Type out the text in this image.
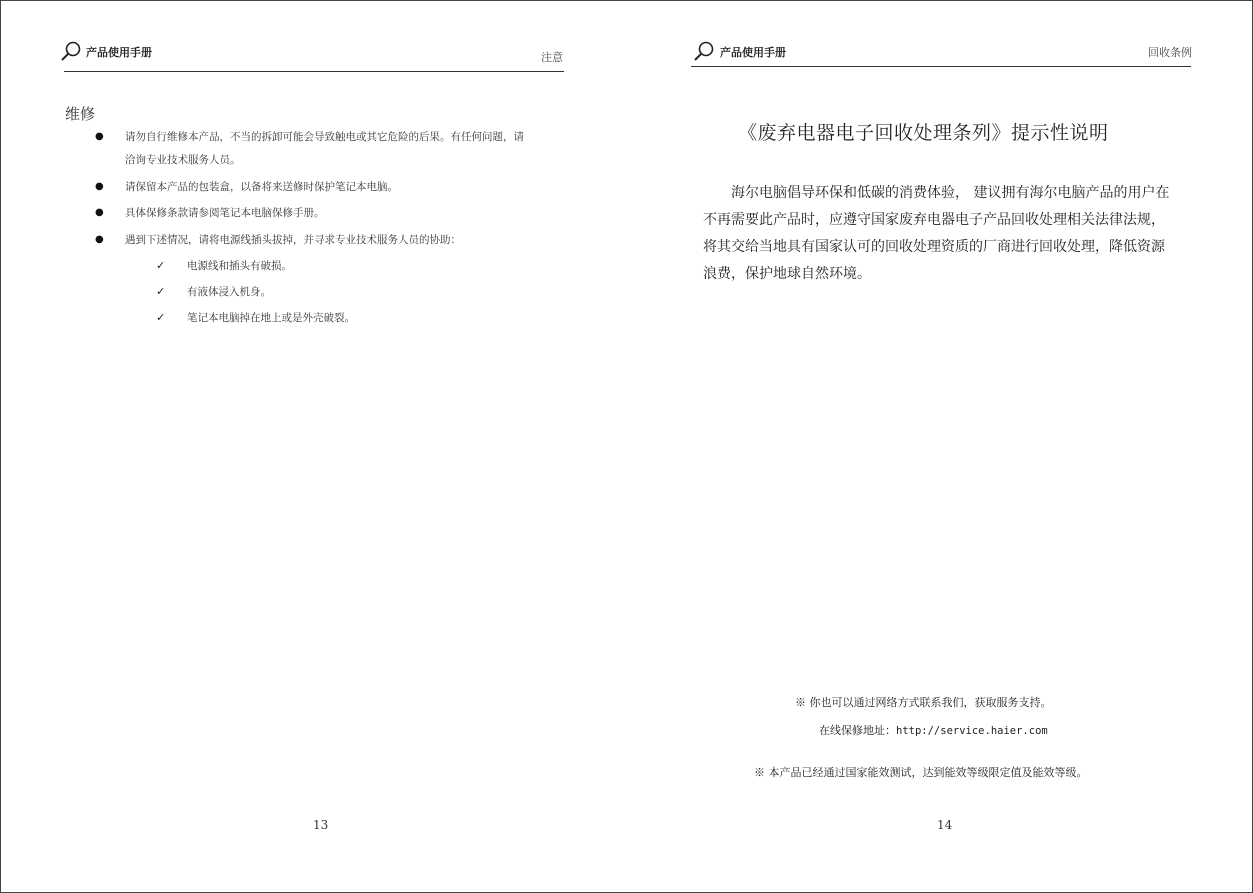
产品使用手册	注意
维修
● 请勿自行维修本产品，不当的拆卸可能会导致触电或其它危险的后果。有任何问题，请
洽询专业技术服务人员。
● 请保留本产品的包装盒，以备将来送修时保护笔记本电脑。
● 具体保修条款请参阅笔记本电脑保修手册。
● 遇到下述情况，请将电源线插头拔掉，并寻求专业技术服务人员的协助：
✓ 电源线和插头有破损。
✓ 有液体浸入机身。
✓ 笔记本电脑掉在地上或是外壳破裂。
13
产品使用手册	回收条例
《废弃电器电子回收处理条列》提示性说明
海尔电脑倡导环保和低碳的消费体验， 建议拥有海尔电脑产品的用户在不再需要此产品时，应遵守国家废弃电器电子产品回收处理相关法律法规，将其交给当地具有国家认可的回收处理资质的厂商进行回收处理，降低资源浪费，保护地球自然环境。
※ 你也可以通过网络方式联系我们，获取服务支持。
在线保修地址：http://service.haier.com
※ 本产品已经通过国家能效测试，达到能效等级限定值及能效等级。
14
